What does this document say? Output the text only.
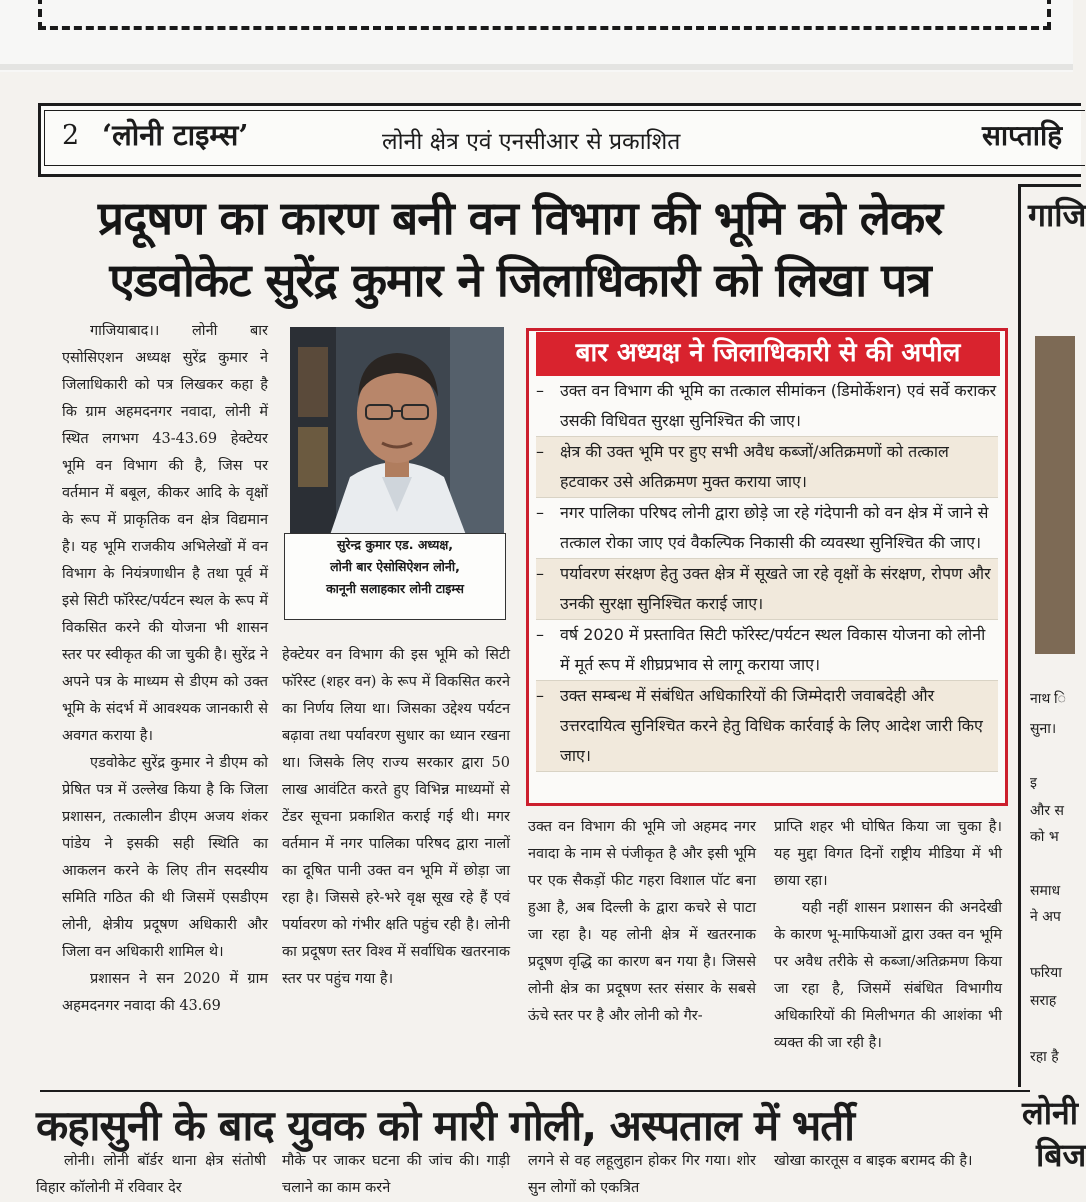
2 ‘लोनी टाइम्स’	लोनी क्षेत्र एवं एनसीआर से प्रकाशित	साप्ताहि
प्रदूषण का कारण बनी वन विभाग की भूमि को लेकर
एडवोकेट सुरेंद्र कुमार ने जिलाधिकारी को लिखा पत्र

गाजियाबाद।। लोनी बार एसोसिएशन अध्यक्ष सुरेंद्र कुमार ने जिलाधिकारी को पत्र लिखकर कहा है कि ग्राम अहमदनगर नवादा, लोनी में स्थित लगभग 43-43.69 हेक्टेयर भूमि वन विभाग की है, जिस पर वर्तमान में बबूल, कीकर आदि के वृक्षों के रूप में प्राकृतिक वन क्षेत्र विद्यमान है। यह भूमि राजकीय अभिलेखों में वन विभाग के नियंत्रणाधीन है तथा पूर्व में इसे सिटी फॉरेस्ट/पर्यटन स्थल के रूप में विकसित करने की योजना भी शासन स्तर पर स्वीकृत की जा चुकी है। सुरेंद्र ने अपने पत्र के माध्यम से डीएम को उक्त भूमि के संदर्भ में आवश्यक जानकारी से अवगत कराया है।

एडवोकेट सुरेंद्र कुमार ने डीएम को प्रेषित पत्र में उल्लेख किया है कि जिला प्रशासन, तत्कालीन डीएम अजय शंकर पांडेय ने इसकी सही स्थिति का आकलन करने के लिए तीन सदस्यीय समिति गठित की थी जिसमें एसडीएम लोनी, क्षेत्रीय प्रदूषण अधिकारी और जिला वन अधिकारी शामिल थे।

प्रशासन ने सन 2020 में ग्राम अहमदनगर नवादा की 43.69

सुरेन्द्र कुमार एड. अध्यक्ष,
लोनी बार ऐसोसिऐशन लोनी,
कानूनी सलाहकार लोनी टाइम्स

हेक्टेयर वन विभाग की इस भूमि को सिटी फॉरेस्ट (शहर वन) के रूप में विकसित करने का निर्णय लिया था। जिसका उद्देश्य पर्यटन बढ़ावा तथा पर्यावरण सुधार का ध्यान रखना था। जिसके लिए राज्य सरकार द्वारा 50 लाख आवंटित करते हुए विभिन्न माध्यमों से टेंडर सूचना प्रकाशित कराई गई थी। मगर वर्तमान में नगर पालिका परिषद द्वारा नालों का दूषित पानी उक्त वन भूमि में छोड़ा जा रहा है। जिससे हरे-भरे वृक्ष सूख रहे हैं एवं पर्यावरण को गंभीर क्षति पहुंच रही है। लोनी का प्रदूषण स्तर विश्व में सर्वाधिक खतरनाक स्तर पर पहुंच गया है।

बार अध्यक्ष ने जिलाधिकारी से की अपील
– उक्त वन विभाग की भूमि का तत्काल सीमांकन (डिमोर्केशन) एवं सर्वे कराकर उसकी विधिवत सुरक्षा सुनिश्चित की जाए।
– क्षेत्र की उक्त भूमि पर हुए सभी अवैध कब्जों/अतिक्रमणों को तत्काल हटवाकर उसे अतिक्रमण मुक्त कराया जाए।
– नगर पालिका परिषद लोनी द्वारा छोड़े जा रहे गंदेपानी को वन क्षेत्र में जाने से तत्काल रोका जाए एवं वैकल्पिक निकासी की व्यवस्था सुनिश्चित की जाए।
– पर्यावरण संरक्षण हेतु उक्त क्षेत्र में सूखते जा रहे वृक्षों के संरक्षण, रोपण और उनकी सुरक्षा सुनिश्चित कराई जाए।
– वर्ष 2020 में प्रस्तावित सिटी फॉरेस्ट/पर्यटन स्थल विकास योजना को लोनी में मूर्त रूप में शीघ्रप्रभाव से लागू कराया जाए।
– उक्त सम्बन्ध में संबंधित अधिकारियों की जिम्मेदारी जवाबदेही और उत्तरदायित्व सुनिश्चित करने हेतु विधिक कार्रवाई के लिए आदेश जारी किए जाए।

उक्त वन विभाग की भूमि जो अहमद नगर नवादा के नाम से पंजीकृत है और इसी भूमि पर एक सैकड़ों फीट गहरा विशाल पॉट बना हुआ है, अब दिल्ली के द्वारा कचरे से पाटा जा रहा है। यह लोनी क्षेत्र में खतरनाक प्रदूषण वृद्धि का कारण बन गया है। जिससे लोनी क्षेत्र का प्रदूषण स्तर संसार के सबसे ऊंचे स्तर पर है और लोनी को गैर-

प्राप्ति शहर भी घोषित किया जा चुका है। यह मुद्दा विगत दिनों राष्ट्रीय मीडिया में भी छाया रहा।

यही नहीं शासन प्रशासन की अनदेखी के कारण भू-माफियाओं द्वारा उक्त वन भूमि पर अवैध तरीके से कब्जा/अतिक्रमण किया जा रहा है, जिसमें संबंधित विभागीय अधिकारियों की मिलीभगत की आशंका भी व्यक्त की जा रही है।

गाजि
नाथ ि
सुना।
इ
और स
को भ
समाध
ने अप
फरिया
सराह
रहा है
कहासुनी के बाद युवक को मारी गोली, अस्पताल में भर्ती	लोनी
बिज

लोनी। लोनी बॉर्डर थाना क्षेत्र संतोषी विहार कॉलोनी में रविवार देर

मौके पर जाकर घटना की जांच की। गाड़ी चलाने का काम करने

लगने से वह लहूलुहान होकर गिर गया। शोर सुन लोगों को एकत्रित

खोखा कारतूस व बाइक बरामद की है।
